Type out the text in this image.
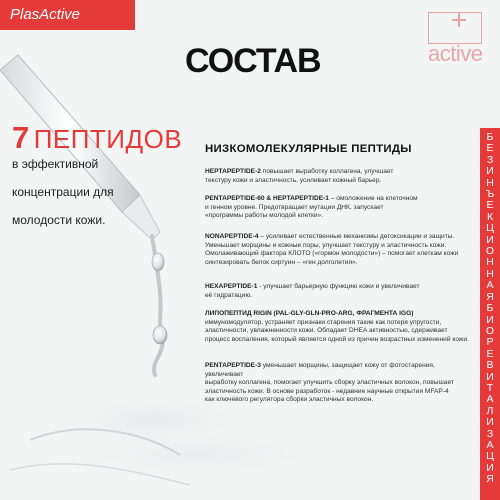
PlasActive
active
СОСТАВ
7 ПЕПТИДОВ
в эффективной
концентрации для
молодости кожи.
Б
Е
З
И
Н
Ъ
Е
К
Ц
И
О
Н
Н
А
Я
Б
И
О
Р
Е
В
И
Т
А
Л
И
З
А
Ц
И
Я
НИЗКОМОЛЕКУЛЯРНЫЕ ПЕПТИДЫ
HEPTAPEPTIDE-2 повышает выработку коллагена, улучшает
текстуру кожи и эластичность, усиливает кожный барьер.
PENTAPEPTIDE-60 & HEPTAPEPTIDE-1 – омоложение на клеточном
и генном уровне. Предотвращает мутации ДНК, запускает
«программы работы молодой клетки».
NONAPEPTIDE-4 – усиливает естественные механизмы детоксикации и защиты.
Уменьшает морщины и кожные поры, улучшает текстуру и эластичность кожи.
Омолаживающий фактора КЛОТО («гормон молодости») – помогает клеткам кожи
синтезировать белок сиртуин – «ген долголетия».
HEXAPEPTIDE-1 - улучшает барьерную функцию кожи и увеличивает
её гидратацию.
ЛИПОПЕПТИД RIGIN (PAL-GLY-GLN-PRO-ARG, ФРАГМЕНТА IGG)
иммуномодулятор, устраняет признаки старения такие как потеря упругости,
эластичности, увлажненности кожи. Обладает DHEA активностью, сдерживает
процесс воспаления, который является одной из причин возрастных изменений кожи.
PENTAPEPTIDE-3 уменьшает морщины, защищает кожу от фотостарения, увеличивает
выработку коллагена, помогает улучшить сборку эластичных волокон, повышает
эластичность кожи. В основе разработок - недавние научные открытия MFAP-4
как ключевого регулятора сборки эластичных волокон.
